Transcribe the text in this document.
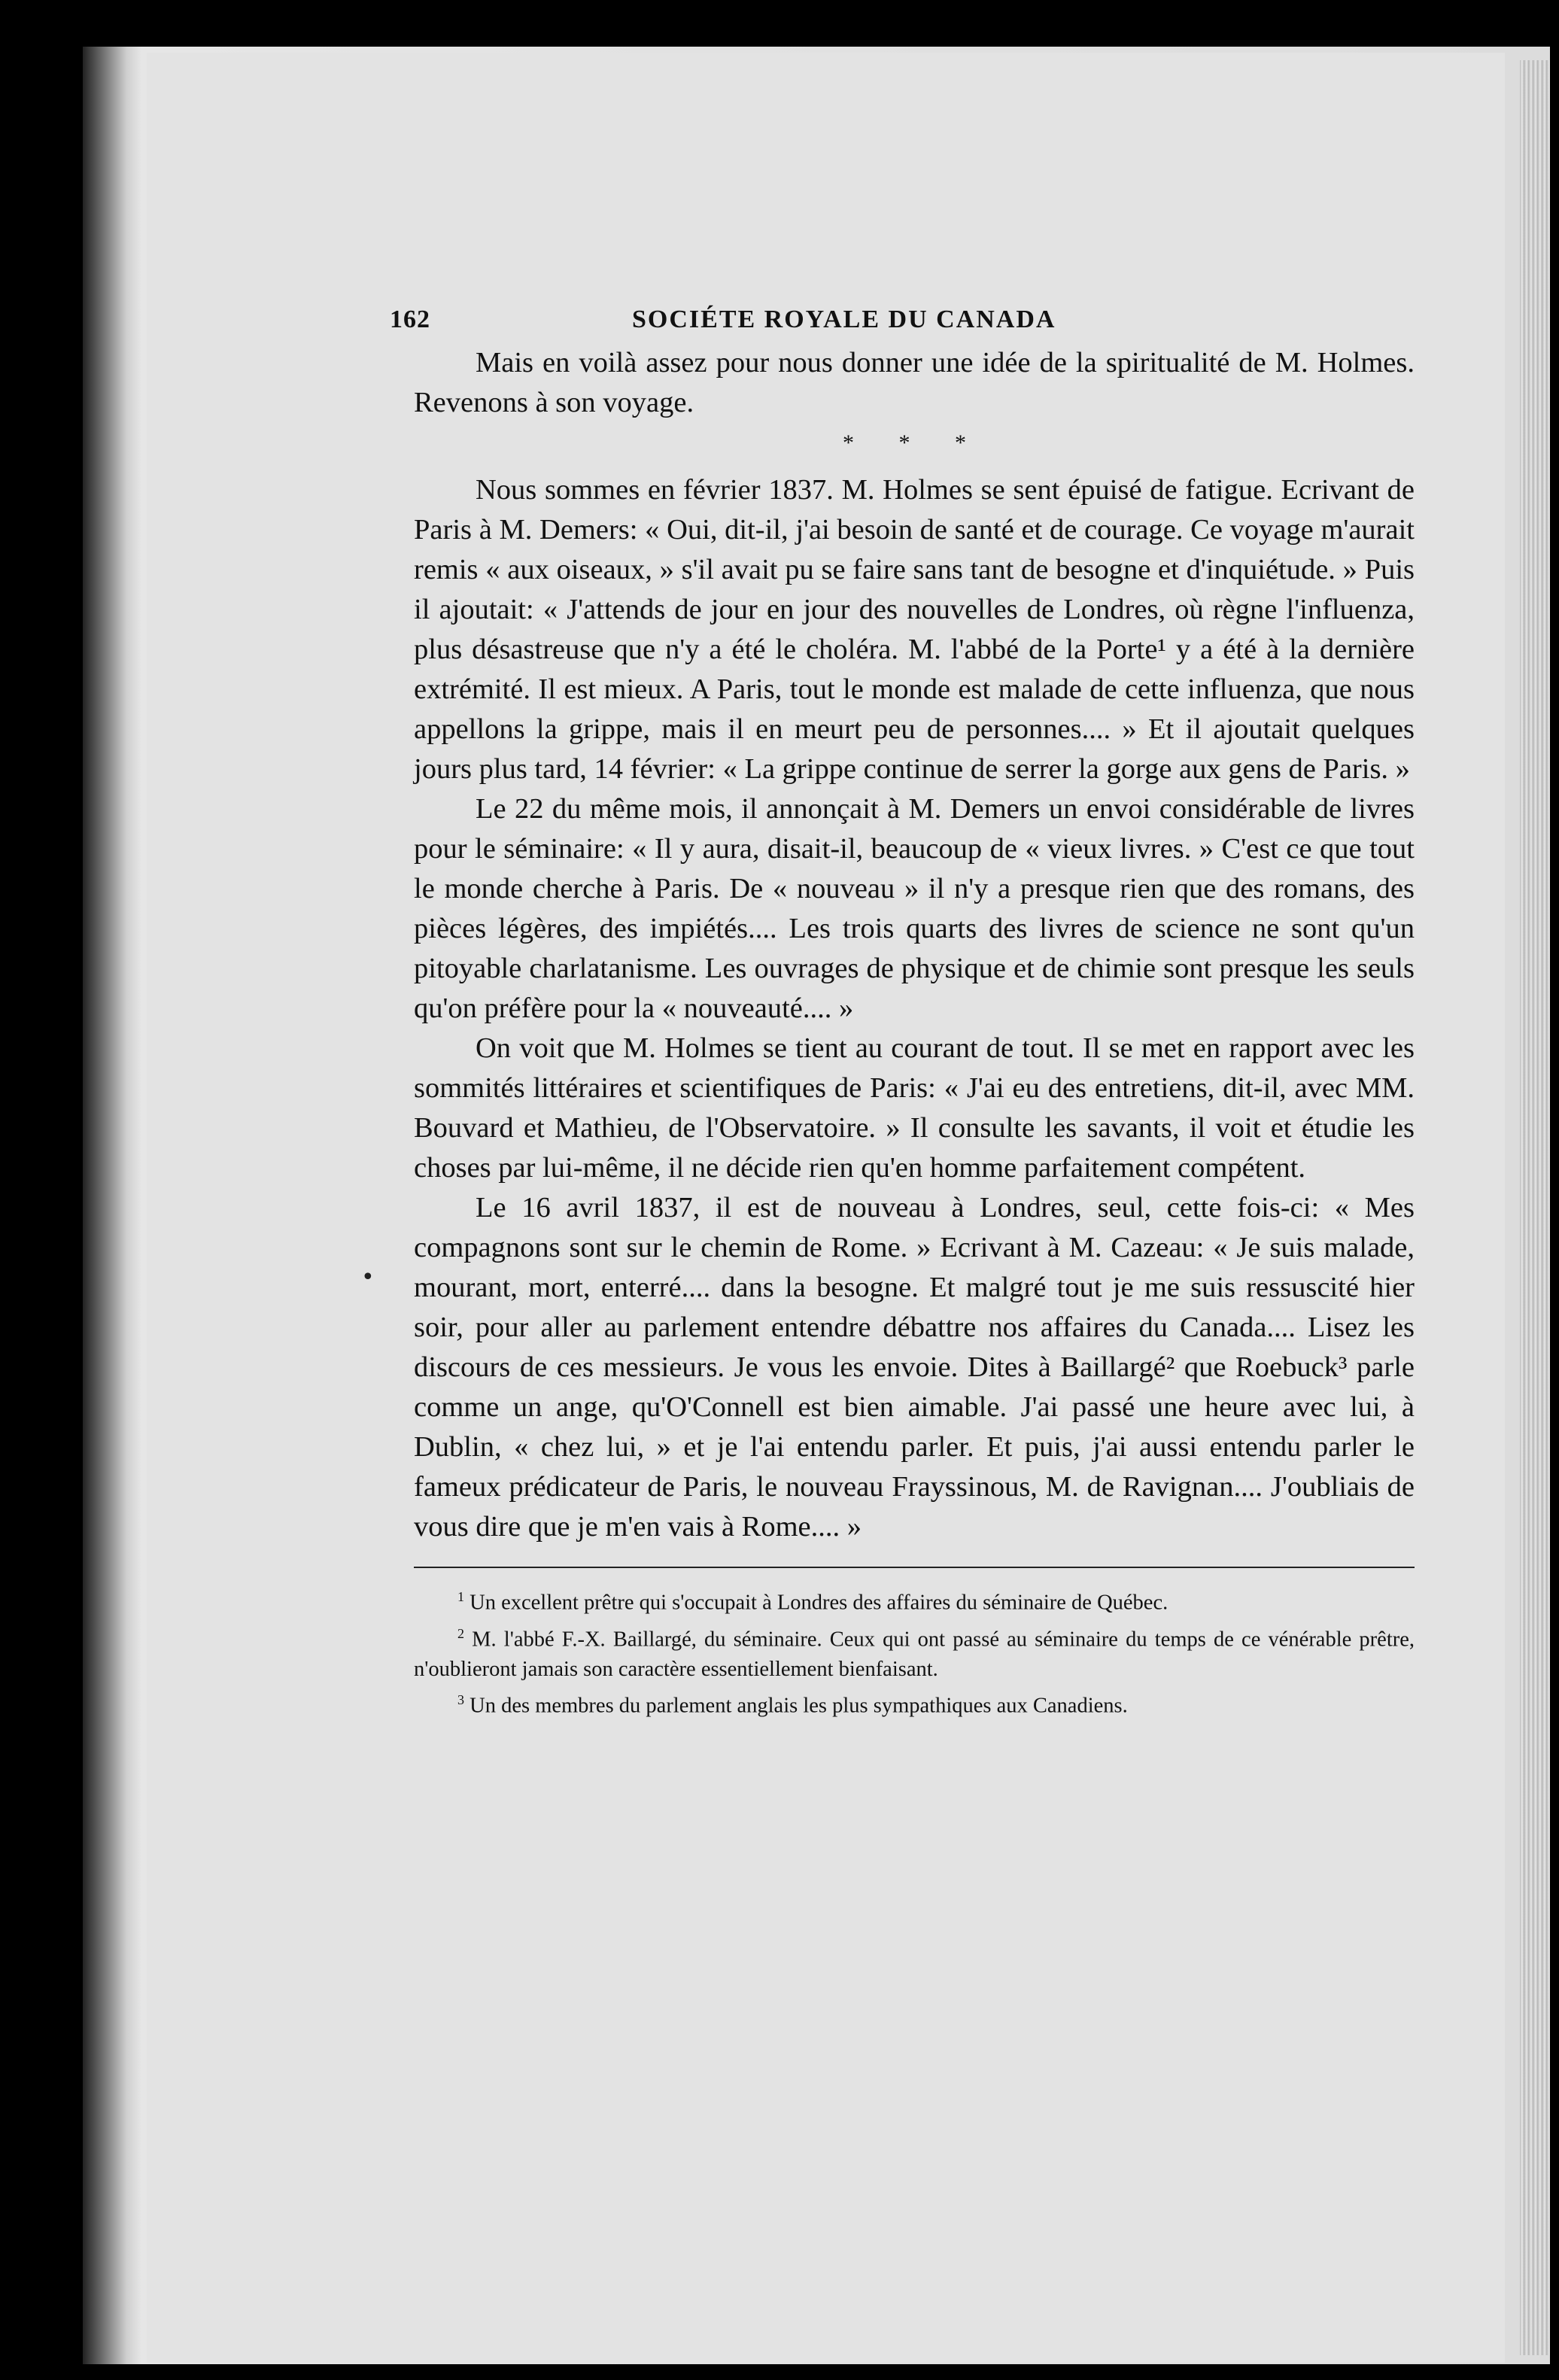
•
162	SOCIÉTE ROYALE DU CANADA

Mais en voilà assez pour nous donner une idée de la spiritualité de M. Holmes. Revenons à son voyage.

* * *

Nous sommes en février 1837. M. Holmes se sent épuisé de fatigue. Ecrivant de Paris à M. Demers: « Oui, dit-il, j'ai besoin de santé et de courage. Ce voyage m'aurait remis « aux oiseaux, » s'il avait pu se faire sans tant de besogne et d'inquiétude. » Puis il ajoutait: « J'attends de jour en jour des nouvelles de Londres, où règne l'influenza, plus désastreuse que n'y a été le choléra. M. l'abbé de la Porte¹ y a été à la dernière extrémité. Il est mieux. A Paris, tout le monde est malade de cette influenza, que nous appellons la grippe, mais il en meurt peu de personnes.... » Et il ajoutait quelques jours plus tard, 14 février: « La grippe continue de serrer la gorge aux gens de Paris. »

Le 22 du même mois, il annonçait à M. Demers un envoi considérable de livres pour le séminaire: « Il y aura, disait-il, beaucoup de « vieux livres. » C'est ce que tout le monde cherche à Paris. De « nouveau » il n'y a presque rien que des romans, des pièces légères, des impiétés.... Les trois quarts des livres de science ne sont qu'un pitoyable charlatanisme. Les ouvrages de physique et de chimie sont presque les seuls qu'on préfère pour la « nouveauté.... »

On voit que M. Holmes se tient au courant de tout. Il se met en rapport avec les sommités littéraires et scientifiques de Paris: « J'ai eu des entretiens, dit-il, avec MM. Bouvard et Mathieu, de l'Observatoire. » Il consulte les savants, il voit et étudie les choses par lui-même, il ne décide rien qu'en homme parfaitement compétent.

Le 16 avril 1837, il est de nouveau à Londres, seul, cette fois-ci: « Mes compagnons sont sur le chemin de Rome. » Ecrivant à M. Cazeau: « Je suis malade, mourant, mort, enterré.... dans la besogne. Et malgré tout je me suis ressuscité hier soir, pour aller au parlement entendre débattre nos affaires du Canada.... Lisez les discours de ces messieurs. Je vous les envoie. Dites à Baillargé² que Roebuck³ parle comme un ange, qu'O'Connell est bien aimable. J'ai passé une heure avec lui, à Dublin, « chez lui, » et je l'ai entendu parler. Et puis, j'ai aussi entendu parler le fameux prédicateur de Paris, le nouveau Frayssinous, M. de Ravignan.... J'oubliais de vous dire que je m'en vais à Rome.... »

$^1$ Un excellent prêtre qui s'occupait à Londres des affaires du séminaire de Québec.

$^2$ M. l'abbé F.-X. Baillargé, du séminaire. Ceux qui ont passé au séminaire du temps de ce vénérable prêtre, n'oublieront jamais son caractère essentiellement bienfaisant.

$^3$ Un des membres du parlement anglais les plus sympathiques aux Canadiens.
